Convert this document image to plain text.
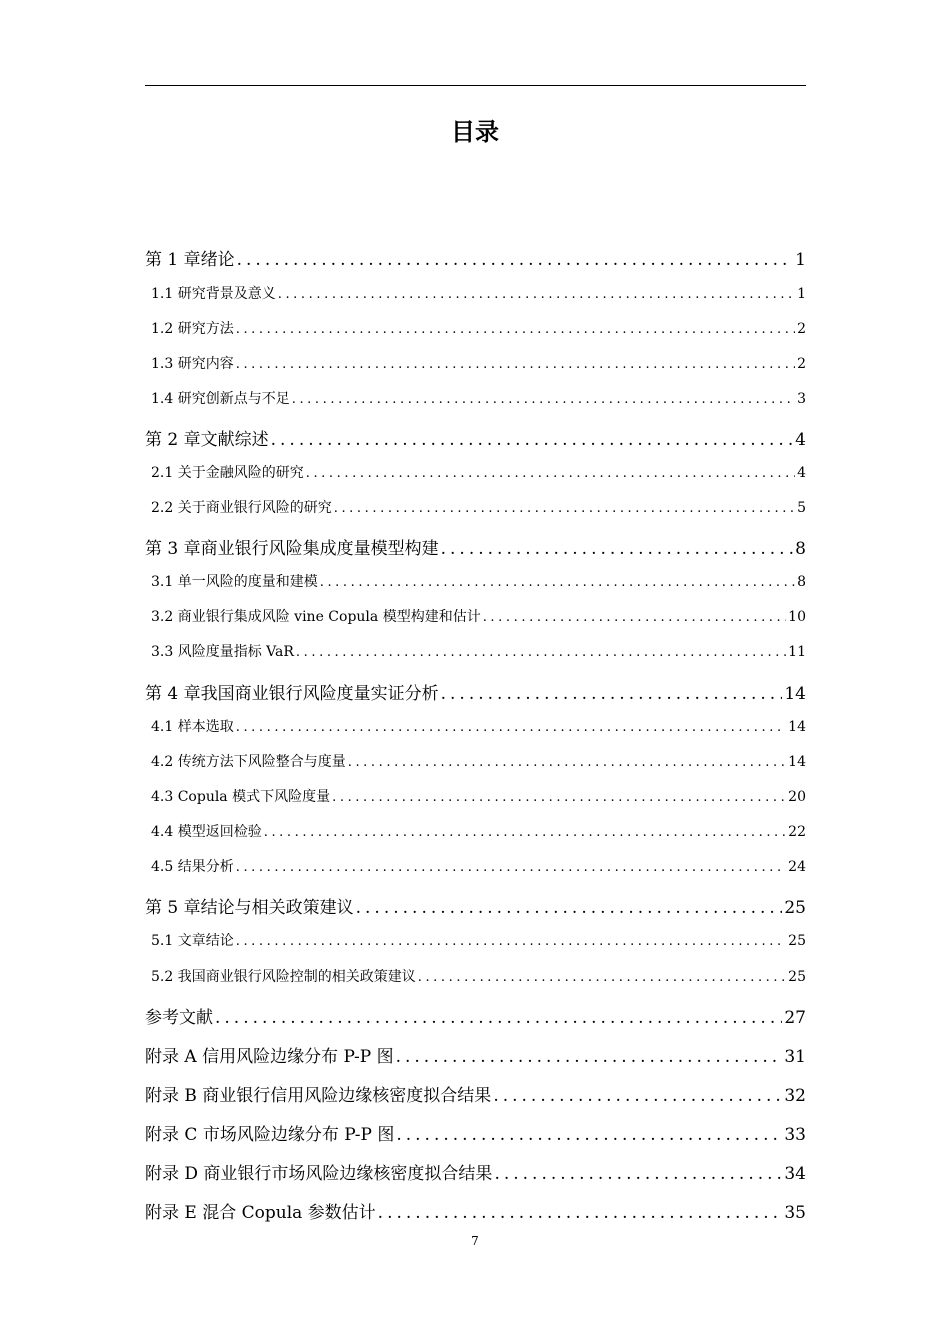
目录
第 1 章绪论 .....	1
1.1 研究背景及意义 .....	1
1.2 研究方法 .....	2
1.3 研究内容 .....	2
1.4 研究创新点与不足 .....	3
第 2 章文献综述 .....	4
2.1 关于金融风险的研究 .....	4
2.2 关于商业银行风险的研究 .....	5
第 3 章商业银行风险集成度量模型构建 .....	8
3.1 单一风险的度量和建模 .....	8
3.2 商业银行集成风险 vine Copula 模型构建和估计 .....	10
3.3 风险度量指标 VaR .....	11
第 4 章我国商业银行风险度量实证分析 .....	14
4.1 样本选取 .....	14
4.2 传统方法下风险整合与度量 .....	14
4.3 Copula 模式下风险度量 .....	20
4.4 模型返回检验 .....	22
4.5 结果分析 .....	24
第 5 章结论与相关政策建议 .....	25
5.1 文章结论 .....	25
5.2 我国商业银行风险控制的相关政策建议 .....	25
参考文献 .....	27
附录 A 信用风险边缘分布 P-P 图 .....	31
附录 B 商业银行信用风险边缘核密度拟合结果 .....	32
附录 C 市场风险边缘分布 P-P 图 .....	33
附录 D 商业银行市场风险边缘核密度拟合结果 .....	34
附录 E 混合 Copula 参数估计 .....	35
7
